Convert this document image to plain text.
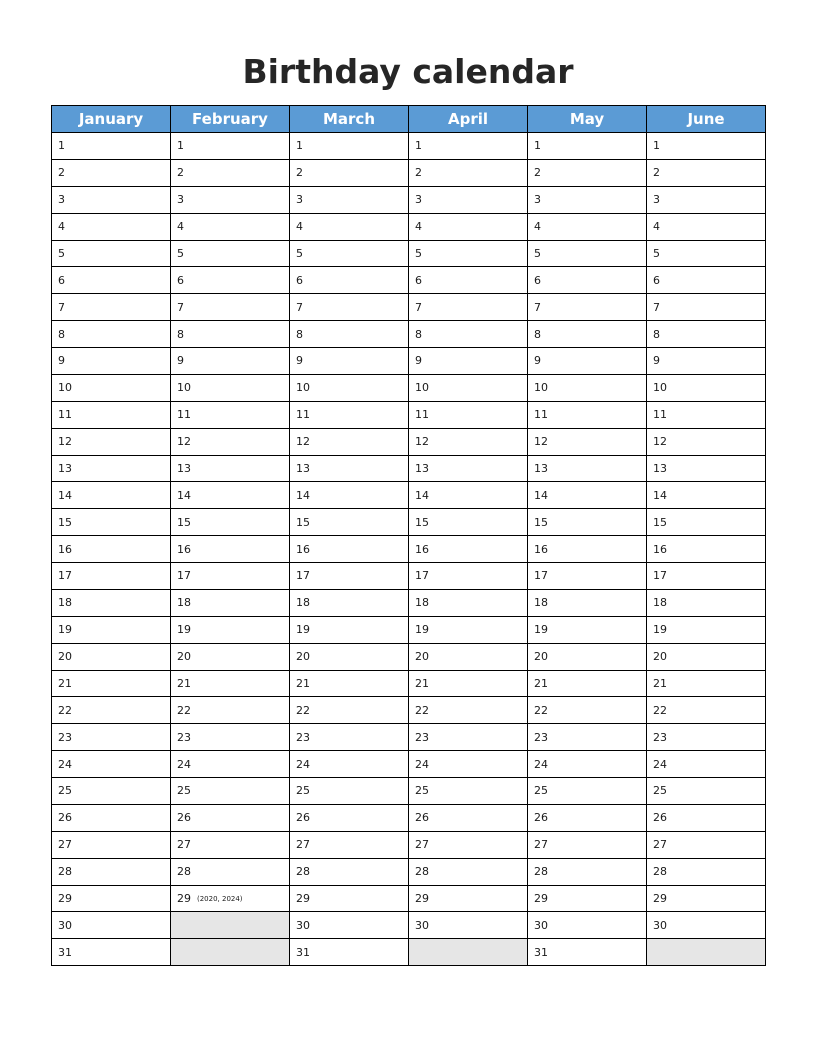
Birthday calendar
January	February	March	April	May	June
1	1	1	1	1	1
2	2	2	2	2	2
3	3	3	3	3	3
4	4	4	4	4	4
5	5	5	5	5	5
6	6	6	6	6	6
7	7	7	7	7	7
8	8	8	8	8	8
9	9	9	9	9	9
10	10	10	10	10	10
11	11	11	11	11	11
12	12	12	12	12	12
13	13	13	13	13	13
14	14	14	14	14	14
15	15	15	15	15	15
16	16	16	16	16	16
17	17	17	17	17	17
18	18	18	18	18	18
19	19	19	19	19	19
20	20	20	20	20	20
21	21	21	21	21	21
22	22	22	22	22	22
23	23	23	23	23	23
24	24	24	24	24	24
25	25	25	25	25	25
26	26	26	26	26	26
27	27	27	27	27	27
28	28	28	28	28	28
29	29 (2020, 2024)	29	29	29	29
30		30	30	30	30
31		31		31	
